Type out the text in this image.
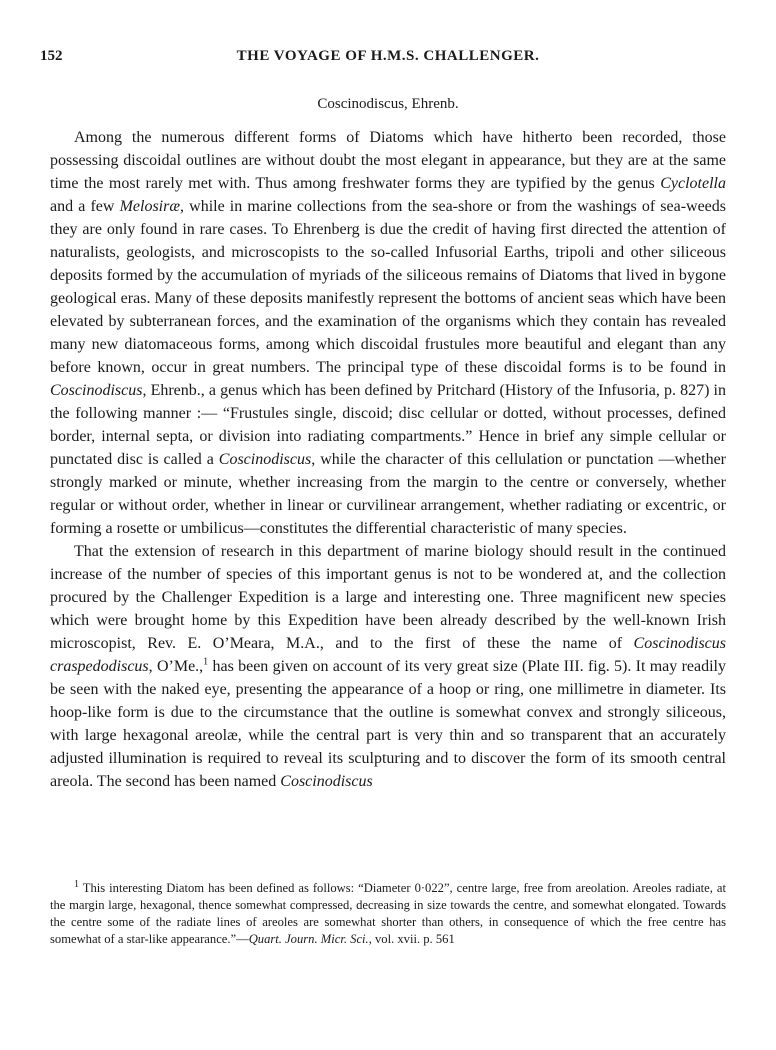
152	THE VOYAGE OF H.M.S. CHALLENGER.
Coscinodiscus, Ehrenb.

Among the numerous different forms of Diatoms which have hitherto been recorded, those possessing discoidal outlines are without doubt the most elegant in appearance, but they are at the same time the most rarely met with. Thus among freshwater forms they are typified by the genus Cyclotella and a few Melosiræ, while in marine collections from the sea-shore or from the washings of sea-weeds they are only found in rare cases. To Ehrenberg is due the credit of having first directed the attention of naturalists, geologists, and microscopists to the so-called Infusorial Earths, tripoli and other siliceous deposits formed by the accumulation of myriads of the siliceous remains of Diatoms that lived in bygone geological eras. Many of these deposits manifestly represent the bottoms of ancient seas which have been elevated by subterranean forces, and the examination of the organisms which they contain has revealed many new diatomaceous forms, among which discoidal frustules more beautiful and elegant than any before known, occur in great numbers. The principal type of these discoidal forms is to be found in Coscinodiscus, Ehrenb., a genus which has been defined by Pritchard (History of the Infusoria, p. 827) in the following manner :— “Frustules single, discoid; disc cellular or dotted, without processes, defined border, internal septa, or division into radiating compartments.” Hence in brief any simple cellular or punctated disc is called a Coscinodiscus, while the character of this cellulation or punctation —whether strongly marked or minute, whether increasing from the margin to the centre or conversely, whether regular or without order, whether in linear or curvilinear arrangement, whether radiating or excentric, or forming a rosette or umbilicus—constitutes the differential characteristic of many species.

That the extension of research in this department of marine biology should result in the continued increase of the number of species of this important genus is not to be wondered at, and the collection procured by the Challenger Expedition is a large and interesting one. Three magnificent new species which were brought home by this Expedition have been already described by the well-known Irish microscopist, Rev. E. O’Meara, M.A., and to the first of these the name of Coscinodiscus craspedodiscus, O’Me.,$^1$ has been given on account of its very great size (Plate III. fig. 5). It may readily be seen with the naked eye, presenting the appearance of a hoop or ring, one millimetre in diameter. Its hoop-like form is due to the circumstance that the outline is somewhat convex and strongly siliceous, with large hexagonal areolæ, while the central part is very thin and so transparent that an accurately adjusted illumination is required to reveal its sculpturing and to discover the form of its smooth central areola. The second has been named Coscinodiscus

$^1$ This interesting Diatom has been defined as follows: “Diameter 0·022”, centre large, free from areolation. Areoles radiate, at the margin large, hexagonal, thence somewhat compressed, decreasing in size towards the centre, and somewhat elongated. Towards the centre some of the radiate lines of areoles are somewhat shorter than others, in consequence of which the free centre has somewhat of a star-like appearance.”—Quart. Journ. Micr. Sci., vol. xvii. p. 561
